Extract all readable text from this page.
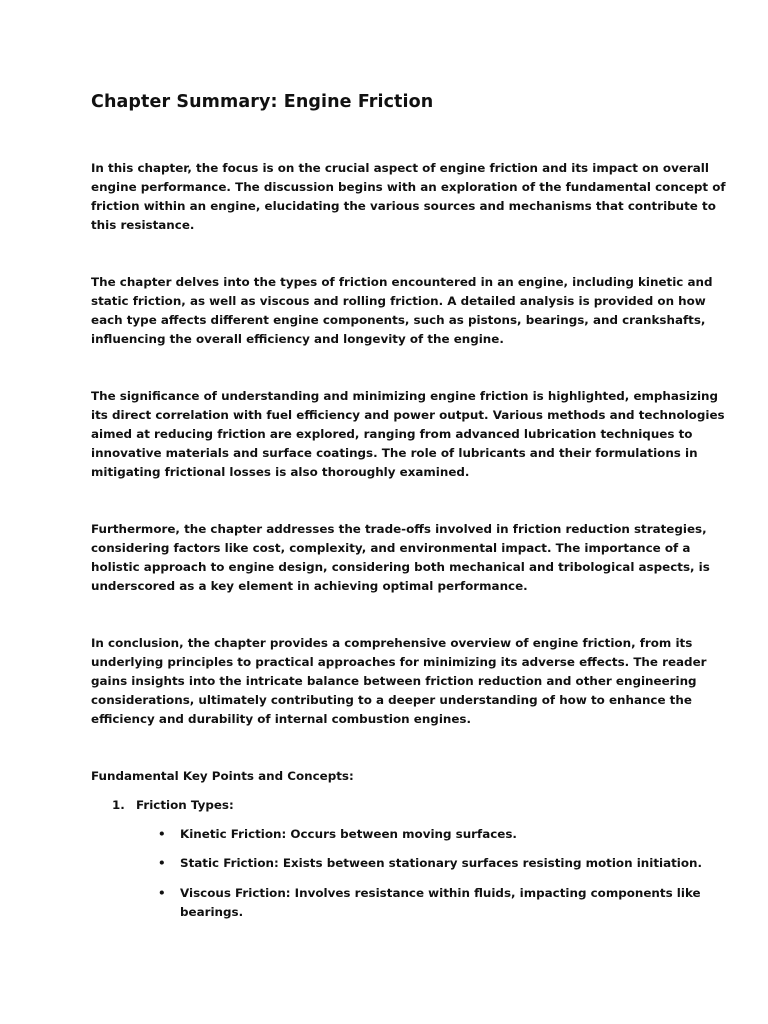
Chapter Summary: Engine Friction

In this chapter, the focus is on the crucial aspect of engine friction and its impact on overall
engine performance. The discussion begins with an exploration of the fundamental concept of
friction within an engine, elucidating the various sources and mechanisms that contribute to
this resistance.

The chapter delves into the types of friction encountered in an engine, including kinetic and
static friction, as well as viscous and rolling friction. A detailed analysis is provided on how
each type affects different engine components, such as pistons, bearings, and crankshafts,
influencing the overall efficiency and longevity of the engine.

The significance of understanding and minimizing engine friction is highlighted, emphasizing
its direct correlation with fuel efficiency and power output. Various methods and technologies
aimed at reducing friction are explored, ranging from advanced lubrication techniques to
innovative materials and surface coatings. The role of lubricants and their formulations in
mitigating frictional losses is also thoroughly examined.

Furthermore, the chapter addresses the trade-offs involved in friction reduction strategies,
considering factors like cost, complexity, and environmental impact. The importance of a
holistic approach to engine design, considering both mechanical and tribological aspects, is
underscored as a key element in achieving optimal performance.

In conclusion, the chapter provides a comprehensive overview of engine friction, from its
underlying principles to practical approaches for minimizing its adverse effects. The reader
gains insights into the intricate balance between friction reduction and other engineering
considerations, ultimately contributing to a deeper understanding of how to enhance the
efficiency and durability of internal combustion engines.

Fundamental Key Points and Concepts:

1. Friction Types:
• Kinetic Friction: Occurs between moving surfaces.
• Static Friction: Exists between stationary surfaces resisting motion initiation.
• Viscous Friction: Involves resistance within fluids, impacting components like
bearings.
